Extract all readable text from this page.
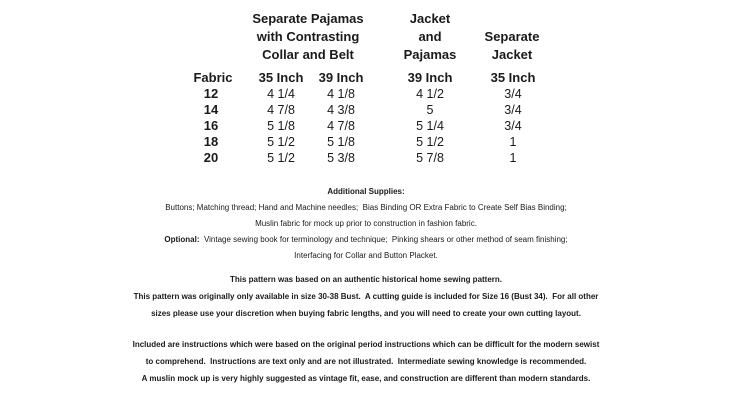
Separate Pajamas
with Contrasting
Collar and Belt
Jacket
and
Pajamas
Separate
Jacket
Fabric	35 Inch	39 Inch	39 Inch	35 Inch
12	4 1/4	4 1/8	4 1/2	3/4
14	4 7/8	4 3/8	5	3/4
16	5 1/8	4 7/8	5 1/4	3/4
18	5 1/2	5 1/8	5 1/2	1
20	5 1/2	5 3/8	5 7/8	1
Additional Supplies:
Buttons; Matching thread; Hand and Machine needles;  Bias Binding OR Extra Fabric to Create Self Bias Binding;
Muslin fabric for mock up prior to construction in fashion fabric.
Optional:  Vintage sewing book for terminology and technique;  Pinking shears or other method of seam finishing;
Interfacing for Collar and Button Placket.
This pattern was based on an authentic historical home sewing pattern.
This pattern was originally only available in size 30-38 Bust.  A cutting guide is included for Size 16 (Bust 34).  For all other
sizes please use your discretion when buying fabric lengths, and you will need to create your own cutting layout.
Included are instructions which were based on the original period instructions which can be difficult for the modern sewist
to comprehend.  Instructions are text only and are not illustrated.  Intermediate sewing knowledge is recommended.
A muslin mock up is very highly suggested as vintage fit, ease, and construction are different than modern standards.
